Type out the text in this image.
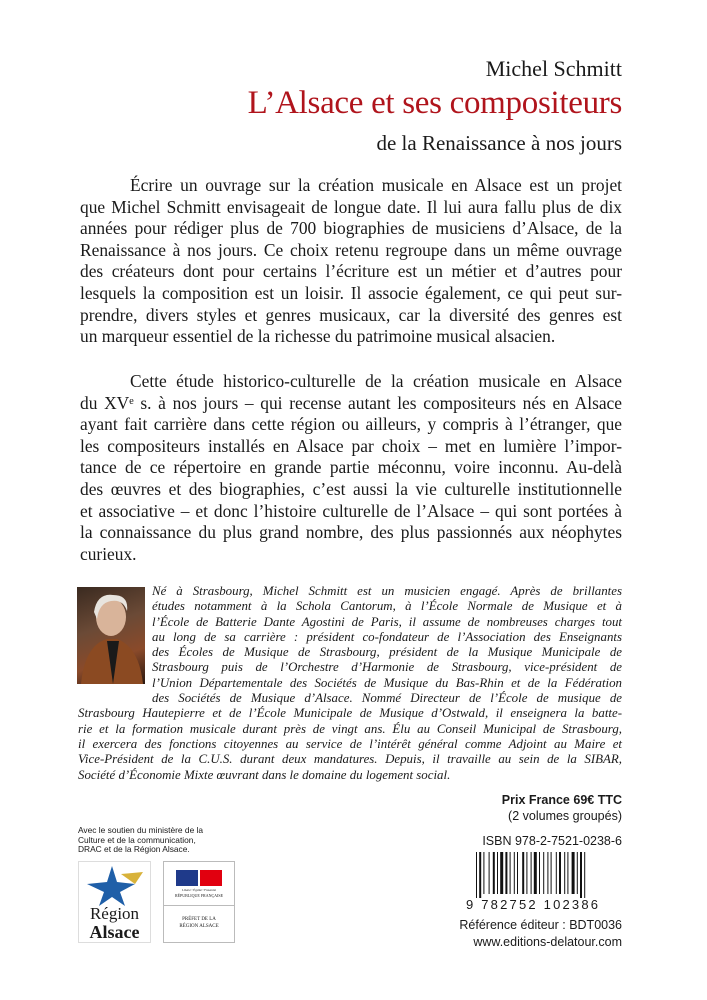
Michel Schmitt
L’Alsace et ses compositeurs
de la Renaissance à nos jours
Écrire un ouvrage sur la création musicale en Alsace est un projet
que Michel Schmitt envisageait de longue date. Il lui aura fallu plus de dix
années pour rédiger plus de 700 biographies de musiciens d’Alsace, de la
Renaissance à nos jours. Ce choix retenu regroupe dans un même ouvrage
des créateurs dont pour certains l’écriture est un métier et d’autres pour
lesquels la composition est un loisir. Il associe également, ce qui peut sur-
prendre, divers styles et genres musicaux, car la diversité des genres est
un marqueur essentiel de la richesse du patrimoine musical alsacien.
Cette étude historico-culturelle de la création musicale en Alsace
du XVᵉ s. à nos jours – qui recense autant les compositeurs nés en Alsace
ayant fait carrière dans cette région ou ailleurs, y compris à l’étranger, que
les compositeurs installés en Alsace par choix – met en lumière l’impor-
tance de ce répertoire en grande partie méconnu, voire inconnu. Au-delà
des œuvres et des biographies, c’est aussi la vie culturelle institutionnelle
et associative – et donc l’histoire culturelle de l’Alsace – qui sont portées à
la connaissance du plus grand nombre, des plus passionnés aux néophytes
curieux.
Né à Strasbourg, Michel Schmitt est un musicien engagé. Après de brillantes
études notamment à la Schola Cantorum, à l’École Normale de Musique et à
l’École de Batterie Dante Agostini de Paris, il assume de nombreuses charges tout
au long de sa carrière : président co-fondateur de l’Association des Enseignants
des Écoles de Musique de Strasbourg, président de la Musique Municipale de
Strasbourg puis de l’Orchestre d’Harmonie de Strasbourg, vice-président de
l’Union Départementale des Sociétés de Musique du Bas-Rhin et de la Fédération
des Sociétés de Musique d’Alsace. Nommé Directeur de l’École de musique de
Strasbourg Hautepierre et de l’École Municipale de Musique d’Ostwald, il enseignera la batte-
rie et la formation musicale durant près de vingt ans. Élu au Conseil Municipal de Strasbourg,
il exercera des fonctions citoyennes au service de l’intérêt général comme Adjoint au Maire et
Vice-Président de la C.U.S. durant deux mandatures. Depuis, il travaille au sein de la SIBAR,
Société d’Économie Mixte œuvrant dans le domaine du logement social.
Avec le soutien du ministère de la Culture et de la communication, DRAC et de la Région Alsace.
Région
Alsace
Liberté • Égalité • Fraternité
RÉPUBLIQUE FRANÇAISE
PRÉFET DE LA RÉGION ALSACE
Prix France 69€ TTC
(2 volumes groupés)
ISBN 978-2-7521-0238-6
9 782752 102386
Référence éditeur : BDT0036
www.editions-delatour.com
